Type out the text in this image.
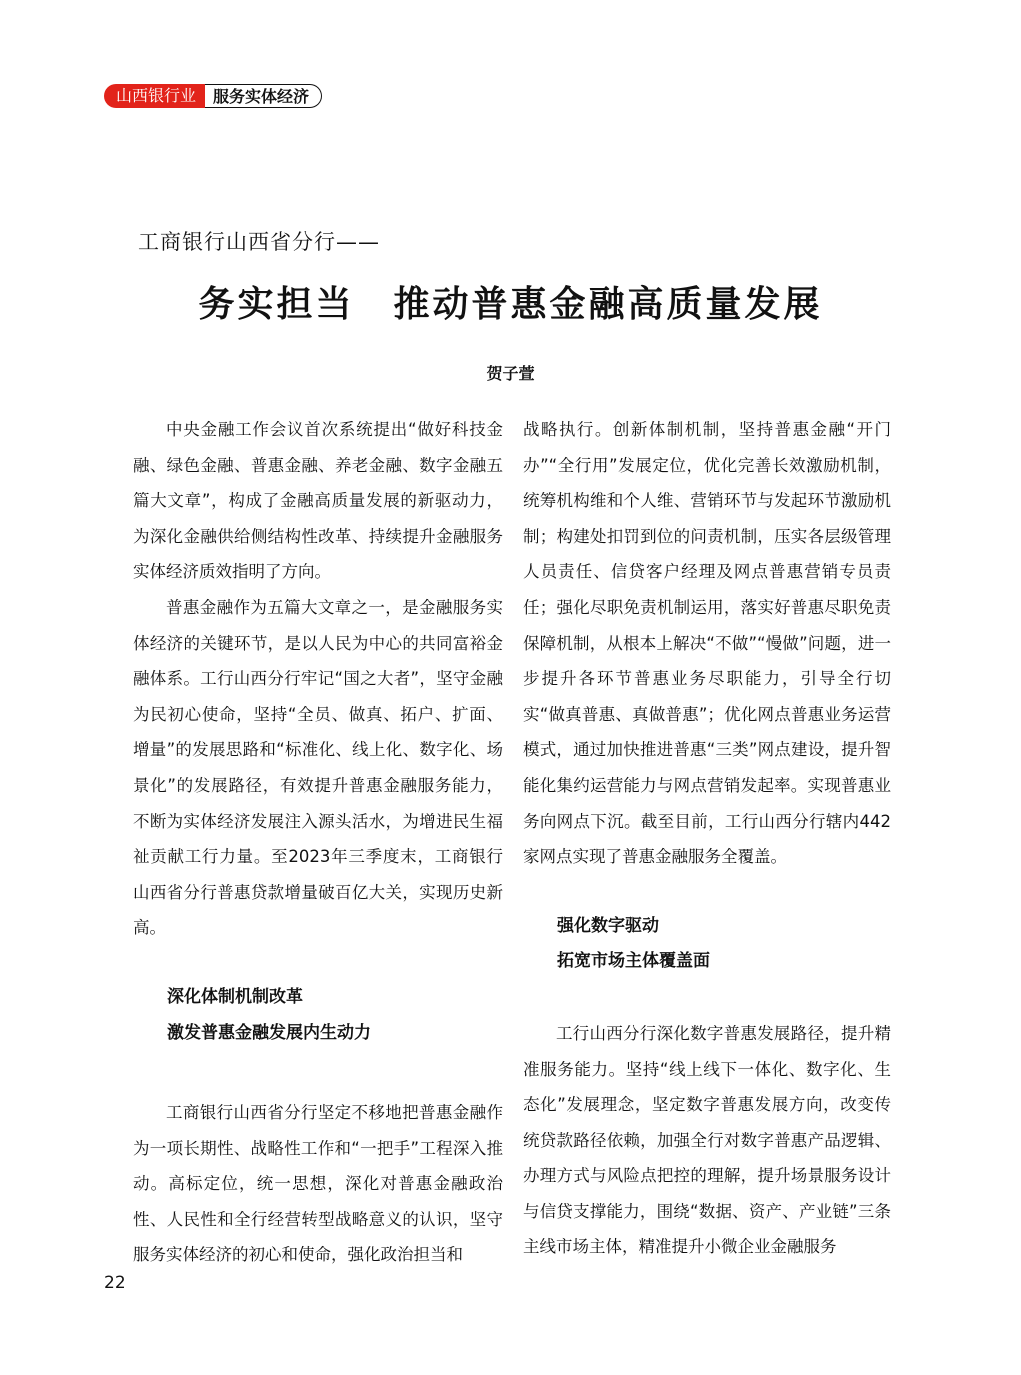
山西银行业	服务实体经济
工商银行山西省分行——
务实担当　推动普惠金融高质量发展
贺子萱

中央金融工作会议首次系统提出“做好科技金融、绿色金融、普惠金融、养老金融、数字金融五篇大文章”，构成了金融高质量发展的新驱动力，为深化金融供给侧结构性改革、持续提升金融服务实体经济质效指明了方向。

普惠金融作为五篇大文章之一，是金融服务实体经济的关键环节，是以人民为中心的共同富裕金融体系。工行山西分行牢记“国之大者”，坚守金融为民初心使命，坚持“全员、做真、拓户、扩面、增量”的发展思路和“标准化、线上化、数字化、场景化”的发展路径，有效提升普惠金融服务能力，不断为实体经济发展注入源头活水，为增进民生福祉贡献工行力量。至2023年三季度末，工商银行山西省分行普惠贷款增量破百亿大关，实现历史新高。

深化体制机制改革
激发普惠金融发展内生动力

工商银行山西省分行坚定不移地把普惠金融作为一项长期性、战略性工作和“一把手”工程深入推动。高标定位，统一思想，深化对普惠金融政治性、人民性和全行经营转型战略意义的认识，坚守服务实体经济的初心和使命，强化政治担当和

战略执行。创新体制机制，坚持普惠金融“开门办”“全行用”发展定位，优化完善长效激励机制，统筹机构维和个人维、营销环节与发起环节激励机制；构建处扣罚到位的问责机制，压实各层级管理人员责任、信贷客户经理及网点普惠营销专员责任；强化尽职免责机制运用，落实好普惠尽职免责保障机制，从根本上解决“不做”“慢做”问题，进一步提升各环节普惠业务尽职能力，引导全行切实“做真普惠、真做普惠”；优化网点普惠业务运营模式，通过加快推进普惠“三类”网点建设，提升智能化集约运营能力与网点营销发起率。实现普惠业务向网点下沉。截至目前，工行山西分行辖内442家网点实现了普惠金融服务全覆盖。

强化数字驱动
拓宽市场主体覆盖面

工行山西分行深化数字普惠发展路径，提升精准服务能力。坚持“线上线下一体化、数字化、生态化”发展理念，坚定数字普惠发展方向，改变传统贷款路径依赖，加强全行对数字普惠产品逻辑、办理方式与风险点把控的理解，提升场景服务设计与信贷支撑能力，围绕“数据、资产、产业链”三条主线市场主体，精准提升小微企业金融服务

22
